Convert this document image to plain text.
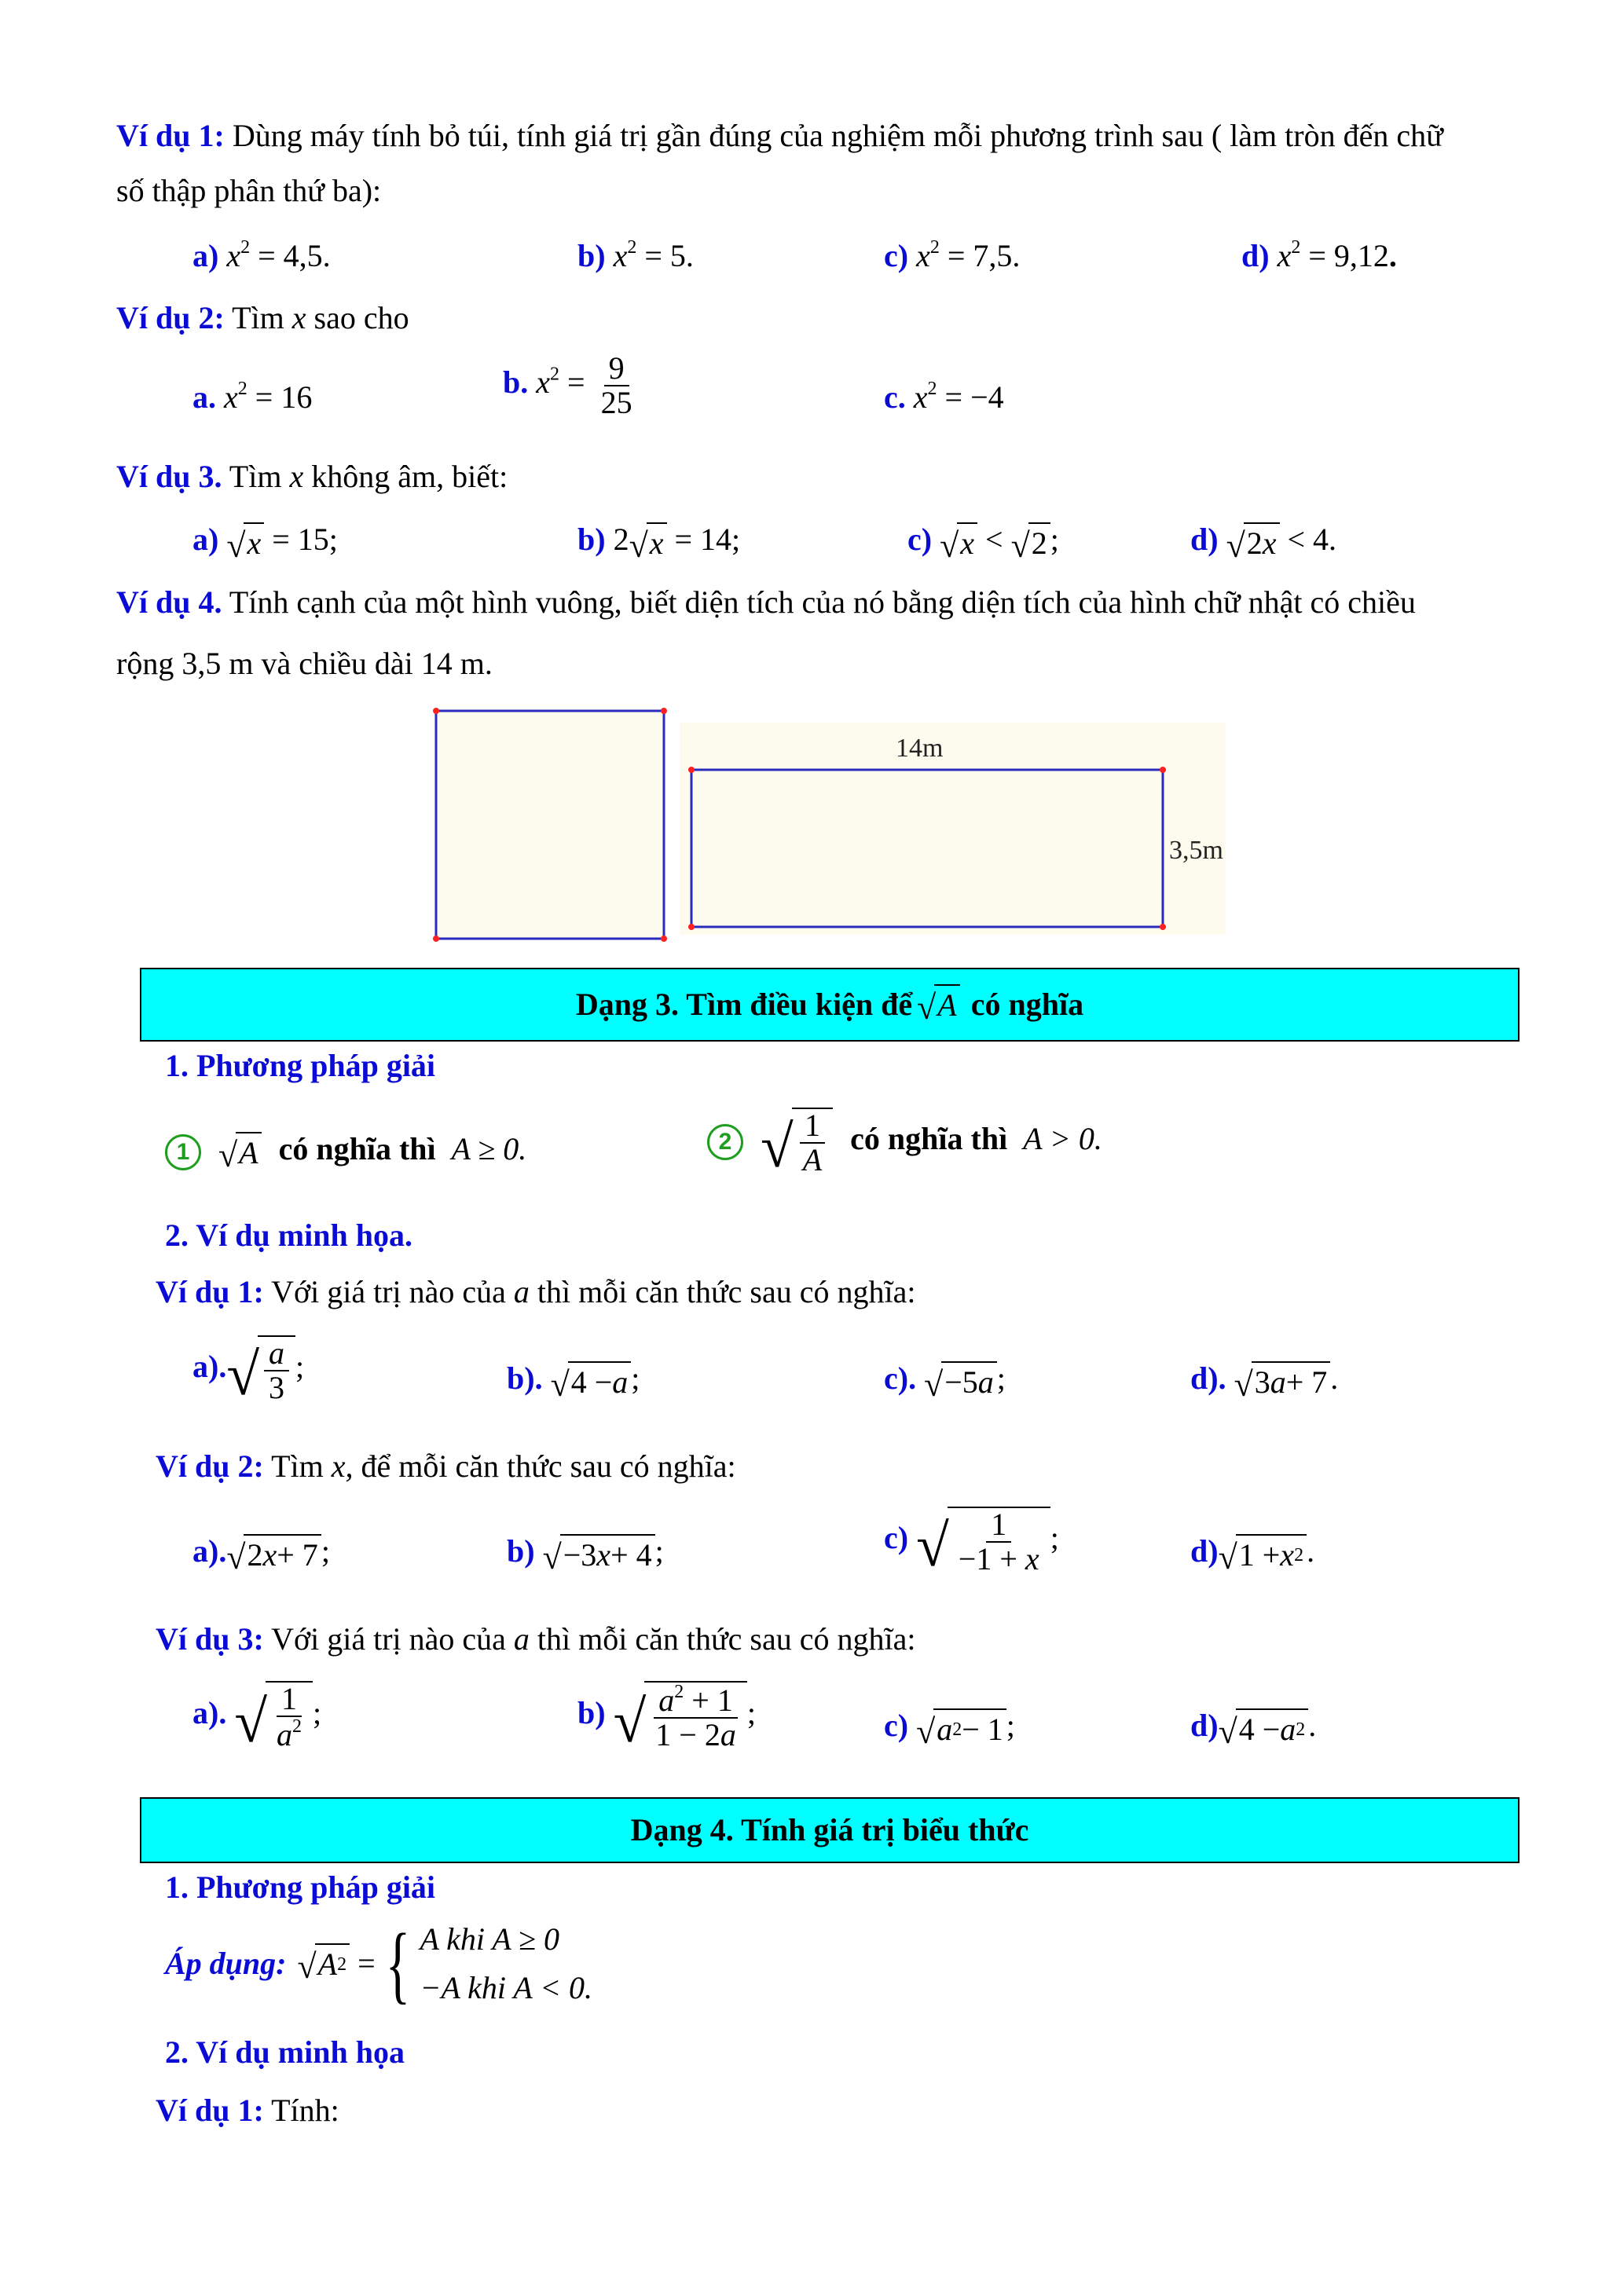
Ví dụ 1: Dùng máy tính bỏ túi, tính giá trị gần đúng của nghiệm mỗi phương trình sau ( làm tròn đến chữ
số thập phân thứ ba):
a) $x^2 = 4,5$.	b) $x^2 = 5$.	c) $x^2 = 7,5$.	d) $x^2 = 9,12$.
Ví dụ 2: Tìm x sao cho
a. $x^2 = 16$	b. $x^2 = \frac{9}{25}$	c. $x^2 = -4$
Ví dụ 3. Tìm x không âm, biết:
a) √ x = 15;	b) 2 √ x = 14;	c) √ x < √ 2 ;	d) √ 2 x < 4.
Ví dụ 4. Tính cạnh của một hình vuông, biết diện tích của nó bằng diện tích của hình chữ nhật có chiều
rộng 3,5 m và chiều dài 14 m.
14m
3,5m
Dạng 3. Tìm điều kiện để √ A có nghĩa
1. Phương pháp giải
1 √ A có nghĩa thì A ≥ 0.	2 √ $\frac{1}{A}$ có nghĩa thì A > 0.
2. Ví dụ minh họa.
Ví dụ 1: Với giá trị nào của a thì mỗi căn thức sau có nghĩa:
a). √ $\frac{a}{3}$ ;	b). √ 4 − a ;	c). √ −5 a ;	d). √ 3 a + 7 .
Ví dụ 2: Tìm x, để mỗi căn thức sau có nghĩa:
a). √ 2 x + 7 ;	b) √ −3 x + 4 ;	c) √ $\frac{1}{-1 + x}$ ;	d) √ 1 + x 2 .
Ví dụ 3: Với giá trị nào của a thì mỗi căn thức sau có nghĩa:
a). √ $\frac{1}{a^2}$ ;	b) √ $\frac{a^2 + 1}{1 - 2a}$ ;	c) √ a 2 − 1 ;	d) √ 4 − a 2 .
Dạng 4. Tính giá trị biểu thức
1. Phương pháp giải
Áp dụng: √ A 2 = { A khi A ≥ 0
−A khi A < 0.
2. Ví dụ minh họa
Ví dụ 1: Tính:
